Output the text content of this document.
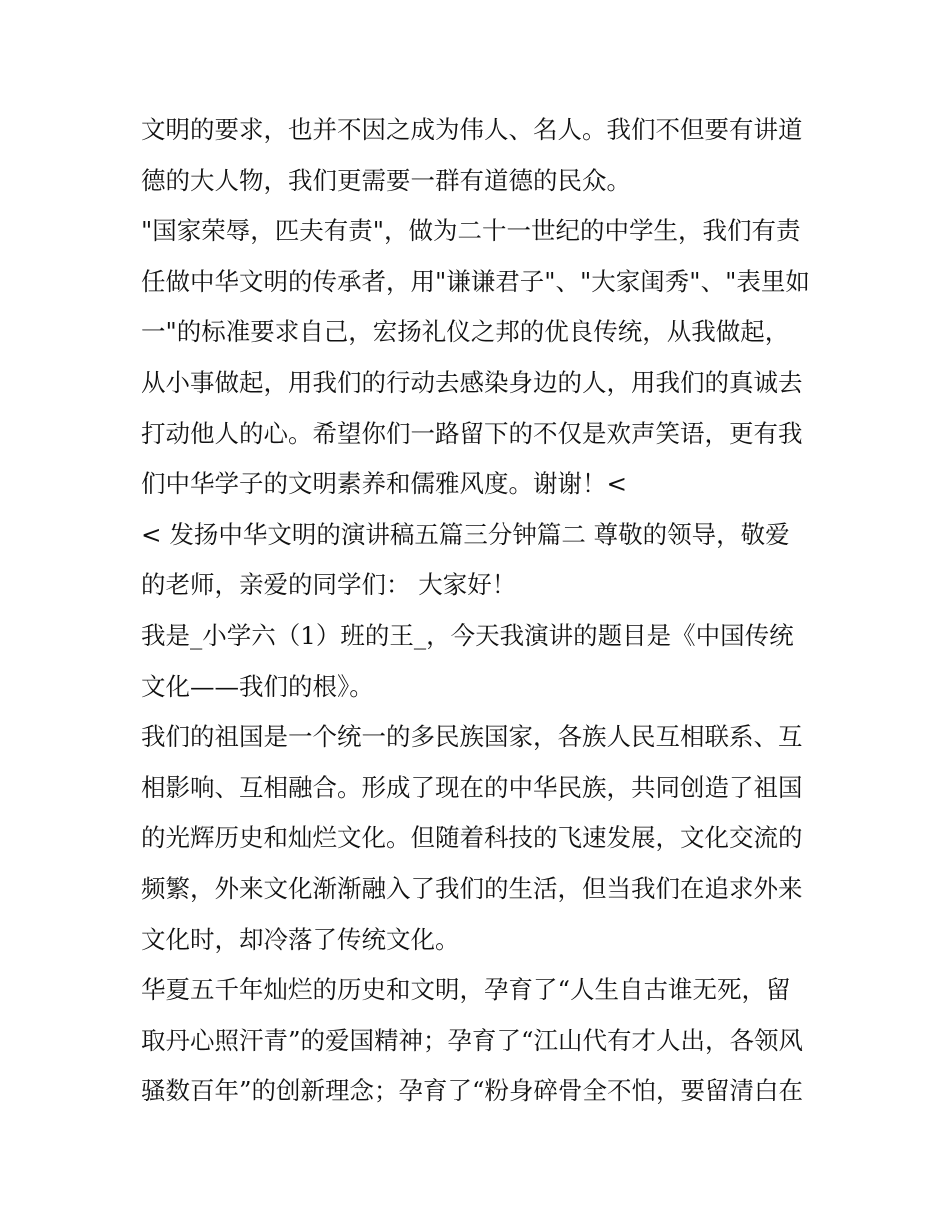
文明的要求，也并不因之成为伟人、名人。我们不但要有讲道
德的大人物，我们更需要一群有道德的民众。
"国家荣辱，匹夫有责"，做为二十一世纪的中学生，我们有责
任做中华文明的传承者，用"谦谦君子"、"大家闺秀"、"表里如
一"的标准要求自己，宏扬礼仪之邦的优良传统，从我做起，
从小事做起，用我们的行动去感染身边的人，用我们的真诚去
打动他人的心。希望你们一路留下的不仅是欢声笑语，更有我
们中华学子的文明素养和儒雅风度。谢谢！<
< 发扬中华文明的演讲稿五篇三分钟篇二 尊敬的领导，敬爱
的老师，亲爱的同学们： 大家好！
我是_小学六（1）班的王_，今天我演讲的题目是《中国传统
文化——我们的根》。
我们的祖国是一个统一的多民族国家，各族人民互相联系、互
相影响、互相融合。形成了现在的中华民族，共同创造了祖国
的光辉历史和灿烂文化。但随着科技的飞速发展，文化交流的
频繁，外来文化渐渐融入了我们的生活，但当我们在追求外来
文化时，却冷落了传统文化。
华夏五千年灿烂的历史和文明，孕育了“人生自古谁无死，留
取丹心照汗青”的爱国精神；孕育了“江山代有才人出，各领风
骚数百年”的创新理念；孕育了“粉身碎骨全不怕，要留清白在
